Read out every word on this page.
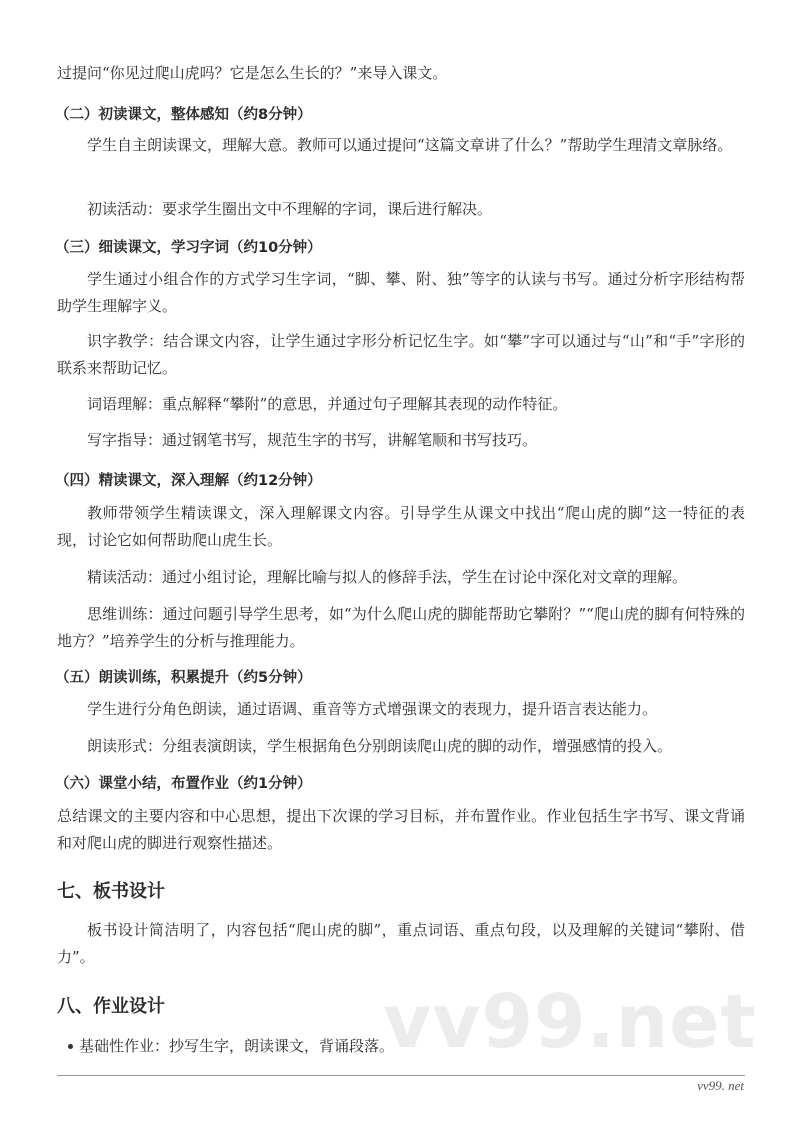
vv99.net
过提问“你见过爬山虎吗？它是怎么生长的？”来导入课文。
（二）初读课文，整体感知（约8分钟）
学生自主朗读课文，理解大意。教师可以通过提问“这篇文章讲了什么？”帮助学生理清文章脉络。
初读活动：要求学生圈出文中不理解的字词，课后进行解决。
（三）细读课文，学习字词（约10分钟）
学生通过小组合作的方式学习生字词，“脚、攀、附、独”等字的认读与书写。通过分析字形结构帮助学生理解字义。
识字教学：结合课文内容，让学生通过字形分析记忆生字。如“攀”字可以通过与“山”和“手”字形的联系来帮助记忆。
词语理解：重点解释“攀附”的意思，并通过句子理解其表现的动作特征。
写字指导：通过钢笔书写，规范生字的书写，讲解笔顺和书写技巧。
（四）精读课文，深入理解（约12分钟）
教师带领学生精读课文，深入理解课文内容。引导学生从课文中找出“爬山虎的脚”这一特征的表现，讨论它如何帮助爬山虎生长。
精读活动：通过小组讨论，理解比喻与拟人的修辞手法，学生在讨论中深化对文章的理解。
思维训练：通过问题引导学生思考，如“为什么爬山虎的脚能帮助它攀附？”“爬山虎的脚有何特殊的地方？”培养学生的分析与推理能力。
（五）朗读训练，积累提升（约5分钟）
学生进行分角色朗读，通过语调、重音等方式增强课文的表现力，提升语言表达能力。
朗读形式：分组表演朗读，学生根据角色分别朗读爬山虎的脚的动作，增强感情的投入。
（六）课堂小结，布置作业（约1分钟）
总结课文的主要内容和中心思想，提出下次课的学习目标，并布置作业。作业包括生字书写、课文背诵和对爬山虎的脚进行观察性描述。
七、板书设计
板书设计简洁明了，内容包括“爬山虎的脚”，重点词语、重点句段，以及理解的关键词“攀附、借力”。
八、作业设计
基础性作业：抄写生字，朗读课文，背诵段落。
vv99. net
